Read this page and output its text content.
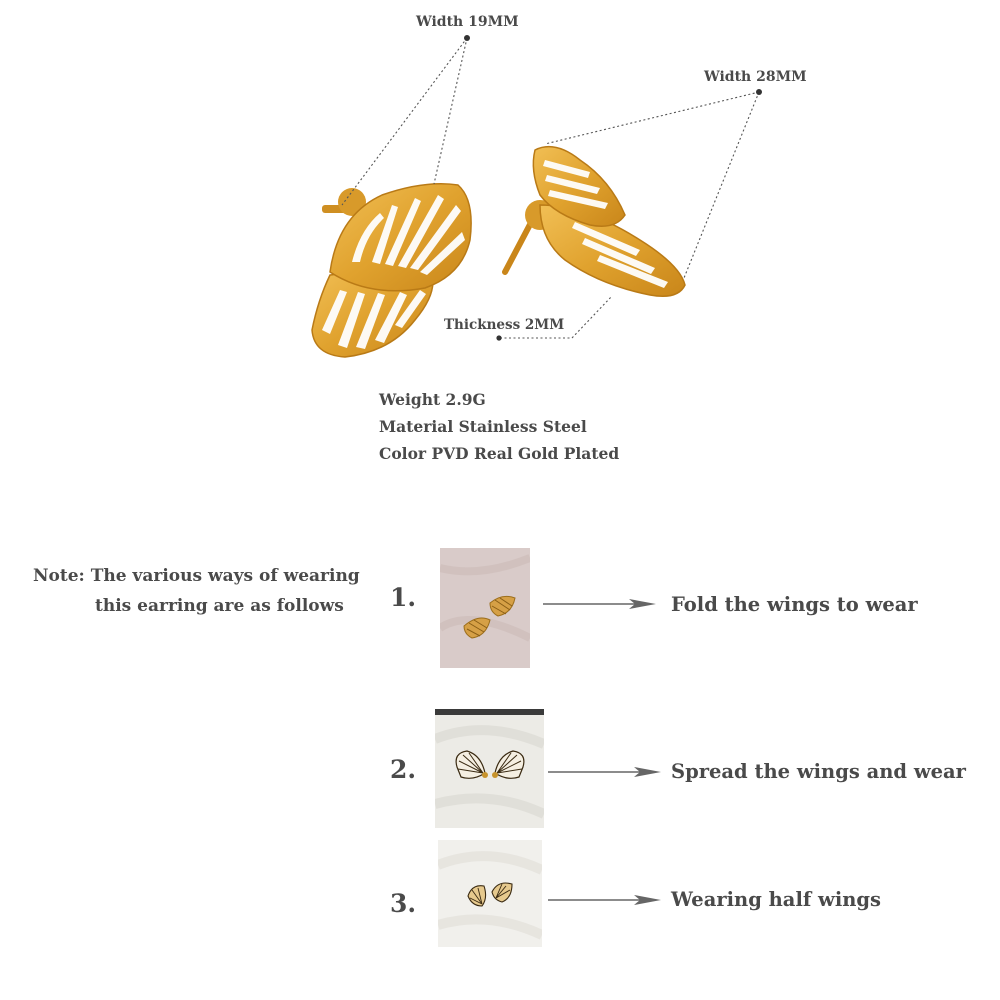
Width 19MM
Width 28MM
Thickness 2MM
Weight 2.9G
Material Stainless Steel
Color PVD Real Gold Plated
Note: The various ways of wearing
this earring are as follows 1.	Fold the wings to wear
2.	Spread the wings and wear
3.	Wearing half wings
